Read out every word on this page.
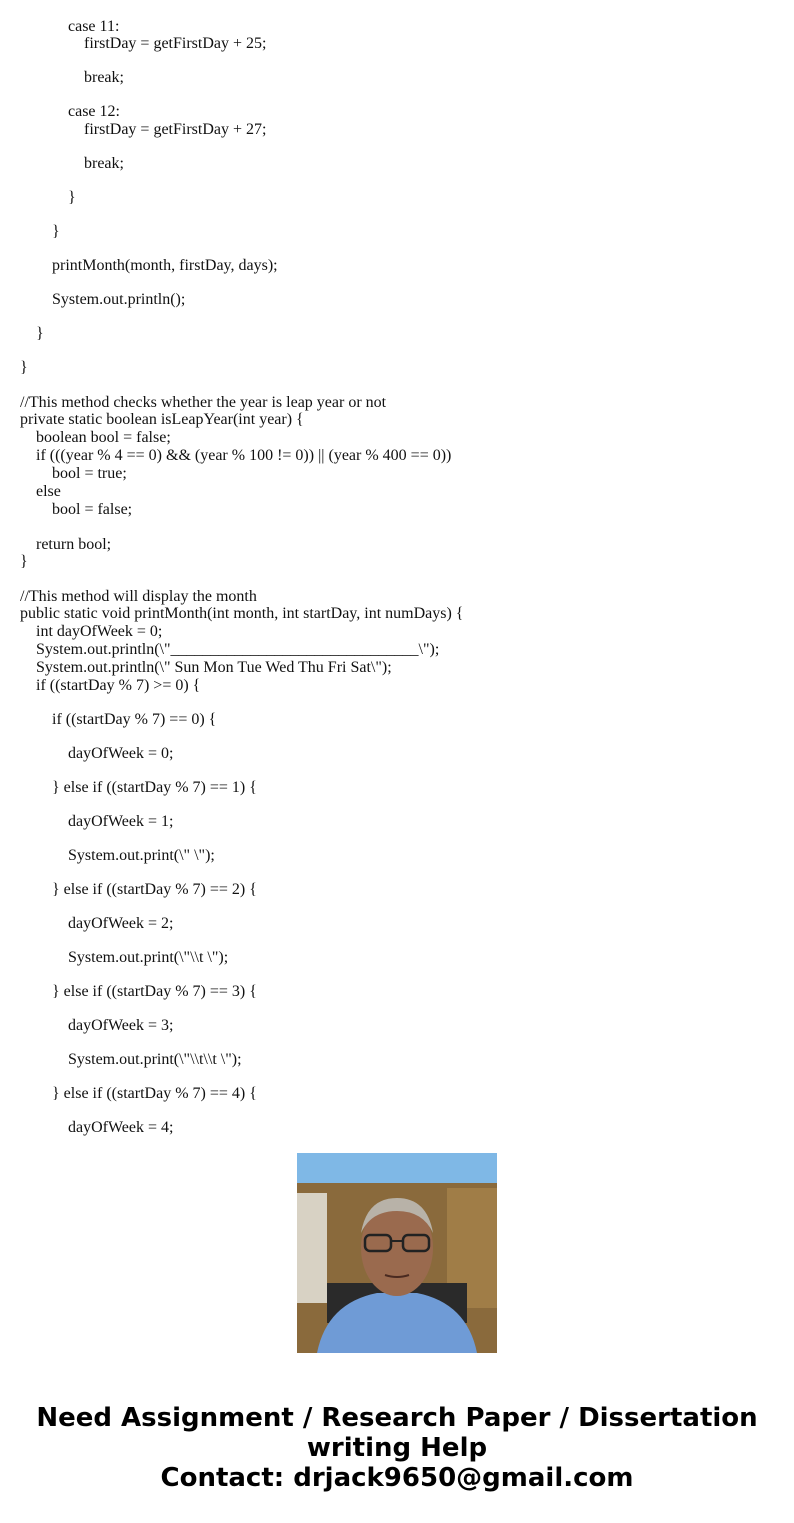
case 11:
firstDay = getFirstDay + 25;
break;
case 12:
firstDay = getFirstDay + 27;
break;
}
}
printMonth(month, firstDay, days);
System.out.println();
}
}
//This method checks whether the year is leap year or not
private static boolean isLeapYear(int year) {
boolean bool = false;
if (((year % 4 == 0) && (year % 100 != 0)) || (year % 400 == 0))
bool = true;
else
bool = false;
return bool;
}
//This method will display the month
public static void printMonth(int month, int startDay, int numDays) {
int dayOfWeek = 0;
System.out.println(\"_______________________________\");
System.out.println(\" Sun Mon Tue Wed Thu Fri Sat\");
if ((startDay % 7) >= 0) {
if ((startDay % 7) == 0) {
dayOfWeek = 0;
} else if ((startDay % 7) == 1) {
dayOfWeek = 1;
System.out.print(\" \");
} else if ((startDay % 7) == 2) {
dayOfWeek = 2;
System.out.print(\"\\t \");
} else if ((startDay % 7) == 3) {
dayOfWeek = 3;
System.out.print(\"\\t\\t \");
} else if ((startDay % 7) == 4) {
dayOfWeek = 4;
Need Assignment / Research Paper / Dissertation
writing Help
Contact: drjack9650@gmail.com
